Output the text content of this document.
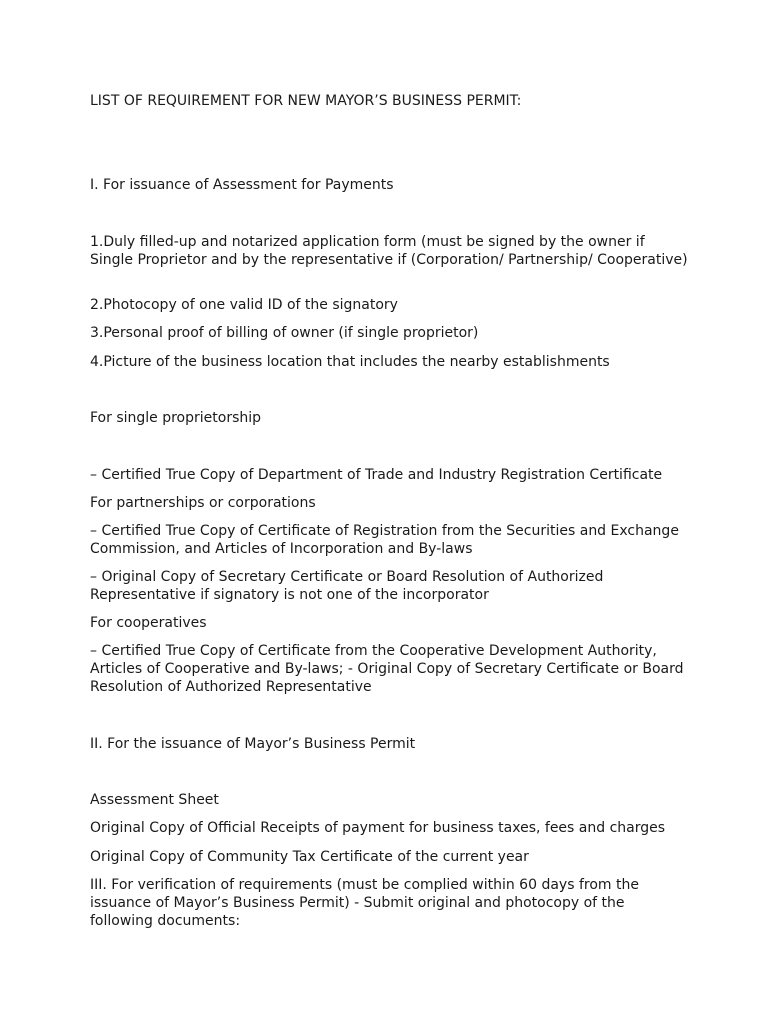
LIST OF REQUIREMENT FOR NEW MAYOR’S BUSINESS PERMIT:

I. For issuance of Assessment for Payments

1.Duly filled-up and notarized application form (must be signed by the owner if Single Proprietor and by the representative if (Corporation/ Partnership/ Cooperative)

2.Photocopy of one valid ID of the signatory

3.Personal proof of billing of owner (if single proprietor)

4.Picture of the business location that includes the nearby establishments

For single proprietorship

– Certified True Copy of Department of Trade and Industry Registration Certificate

For partnerships or corporations

– Certified True Copy of Certificate of Registration from the Securities and Exchange Commission, and Articles of Incorporation and By-laws

– Original Copy of Secretary Certificate or Board Resolution of Authorized Representative if signatory is not one of the incorporator

For cooperatives

– Certified True Copy of Certificate from the Cooperative Development Authority, Articles of Cooperative and By-laws; - Original Copy of Secretary Certificate or Board Resolution of Authorized Representative

II. For the issuance of Mayor’s Business Permit

Assessment Sheet

Original Copy of Official Receipts of payment for business taxes, fees and charges

Original Copy of Community Tax Certificate of the current year

III. For verification of requirements (must be complied within 60 days from the issuance of Mayor’s Business Permit) - Submit original and photocopy of the following documents:
